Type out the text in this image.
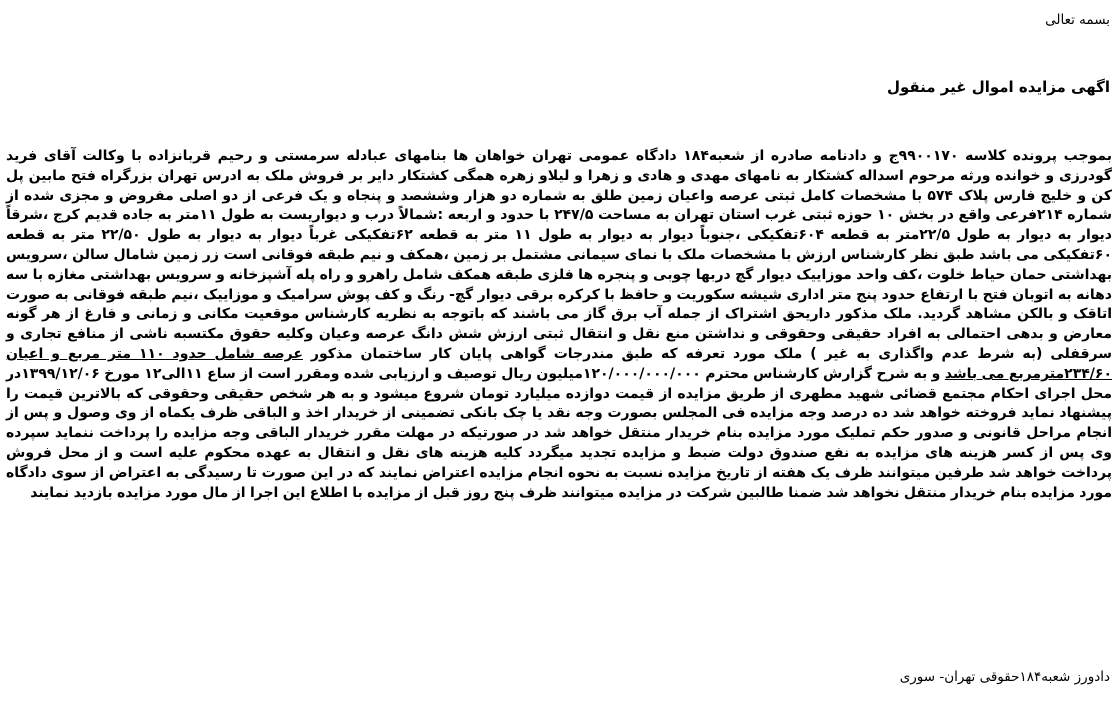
بسمه تعالی
اگهی مزایده اموال غیر منقول

بموجب پرونده کلاسه ۹۹۰۰۱۷۰ج و دادنامه صادره از شعبه۱۸۴ دادگاه عمومی تهران خواهان ها بنامهای عبادله سرمستی و رحیم قربانزاده با وکالت آقای فرید گودرزی و خوانده ورثه مرحوم اسداله کشتکار به نامهای مهدی و هادی و زهرا و لیلاو زهره همگی کشتکار دایر بر فروش ملک به ادرس تهران بزرگراه فتح مابین پل کن و خلیج فارس پلاک ۵۷۴ با مشخصات کامل ثبتی عرصه واعیان زمین طلق به شماره دو هزار وششصد و پنجاه و یک فرعی از دو اصلی مفروض و مجزی شده از شماره ۲۱۴فرعی واقع در بخش ۱۰ حوزه ثبتی غرب استان تهران به مساحت ۲۴۷/۵ با حدود و اربعه :شمالاً درب و دیواریست به طول ۱۱متر به جاده قدیم کرج ،شرقاً دیوار به دیوار به طول ۲۲/۵متر به قطعه ۶۰۴تفکیکی ،جنوباً دیوار به دیوار به طول ۱۱ متر به قطعه ۶۲تفکیکی غرباً دیوار به دیوار به طول ۲۲/۵۰ متر به قطعه ۶۰تفکیکی می باشد طبق نظر کارشناس ارزش با مشخصات ملک با نمای سیمانی مشتمل بر زمین ،همکف و نیم طبقه فوقانی است زر زمین شامال سالن ،سرویس بهداشتی حمان حیاط خلوت ،کف واحد موزاییک دیوار گچ دربها چوبی و پنجره ها فلزی طبقه همکف شامل راهرو و راه پله آشپزخانه و سرویس بهداشتی مغازه با سه دهانه به اتوبان فتح با ارتفاع حدود پنج متر اداری شیشه سکوریت و حافظ با کرکره برقی دیوار گچ- رنگ و کف پوش سرامیک و موزاییک ،نیم طبقه فوقانی به صورت اتاقک و بالکن مشاهد گردید. ملک مذکور داریحق اشتراک از جمله آب برق گاز می باشند که باتوجه به نظریه کارشناس موقعیت مکانی و زمانی و فارغ از هر گونه معارض و بدهی احتمالی به افراد حقیقی وحقوقی و نداشتن منع نقل و انتقال ثبتی ارزش شش دانگ عرصه وعیان وکلیه حقوق مکتسبه ناشی از منافع تجاری و سرقفلی (به شرط عدم واگذاری به غیر ) ملک مورد تعرفه که طبق مندرجات گواهی پایان کار ساختمان مذکور عرصه شامل حدود ۱۱۰ متر مربع و اعیان ۲۳۴/۶۰مترمربع می باشد و به شرح گزارش کارشناس محترم ۱۲۰/۰۰۰/۰۰۰/۰۰۰میلیون ریال توصیف و ارزیابی شده ومقرر است از ساع ۱۱الی۱۲ مورخ ۱۳۹۹/۱۲/۰۶در محل اجرای احکام مجتمع قضائی شهید مطهری از طریق مزایده از قیمت دوازده میلیارد تومان شروع میشود و به هر شخص حقیقی وحقوقی که بالاترین قیمت را پیشنهاد نماید فروخته خواهد شد ده درصد وجه مزایده فی المجلس بصورت وجه نقد یا چک بانکی تضمینی از خریدار اخذ و الباقی ظرف یکماه از وی وصول و پس از انجام مراحل قانونی و صدور حکم تملیک مورد مزایده بنام خریدار منتقل خواهد شد در صورتیکه در مهلت مقرر خریدار الباقی وجه مزایده را پرداخت ننماید سپرده وی پس از کسر هزینه های مزایده به نفع صندوق دولت ضبط و مزایده تجدید میگردد کلیه هزینه های نقل و انتقال به عهده محکوم علیه است و از محل فروش پرداخت خواهد شد طرفین میتوانند ظرف یک هفته از تاریخ مزایده نسبت به نحوه انجام مزایده اعتراض نمایند که در این صورت تا رسیدگی به اعتراض از سوی دادگاه مورد مزایده بنام خریدار منتقل نخواهد شد ضمنا طالبین شرکت در مزایده میتوانند ظرف پنج روز قبل از مزایده با اطلاع این اجرا از مال مورد مزایده بازدید نمایند

دادورز شعبه۱۸۴حقوقی تهران- سوری
